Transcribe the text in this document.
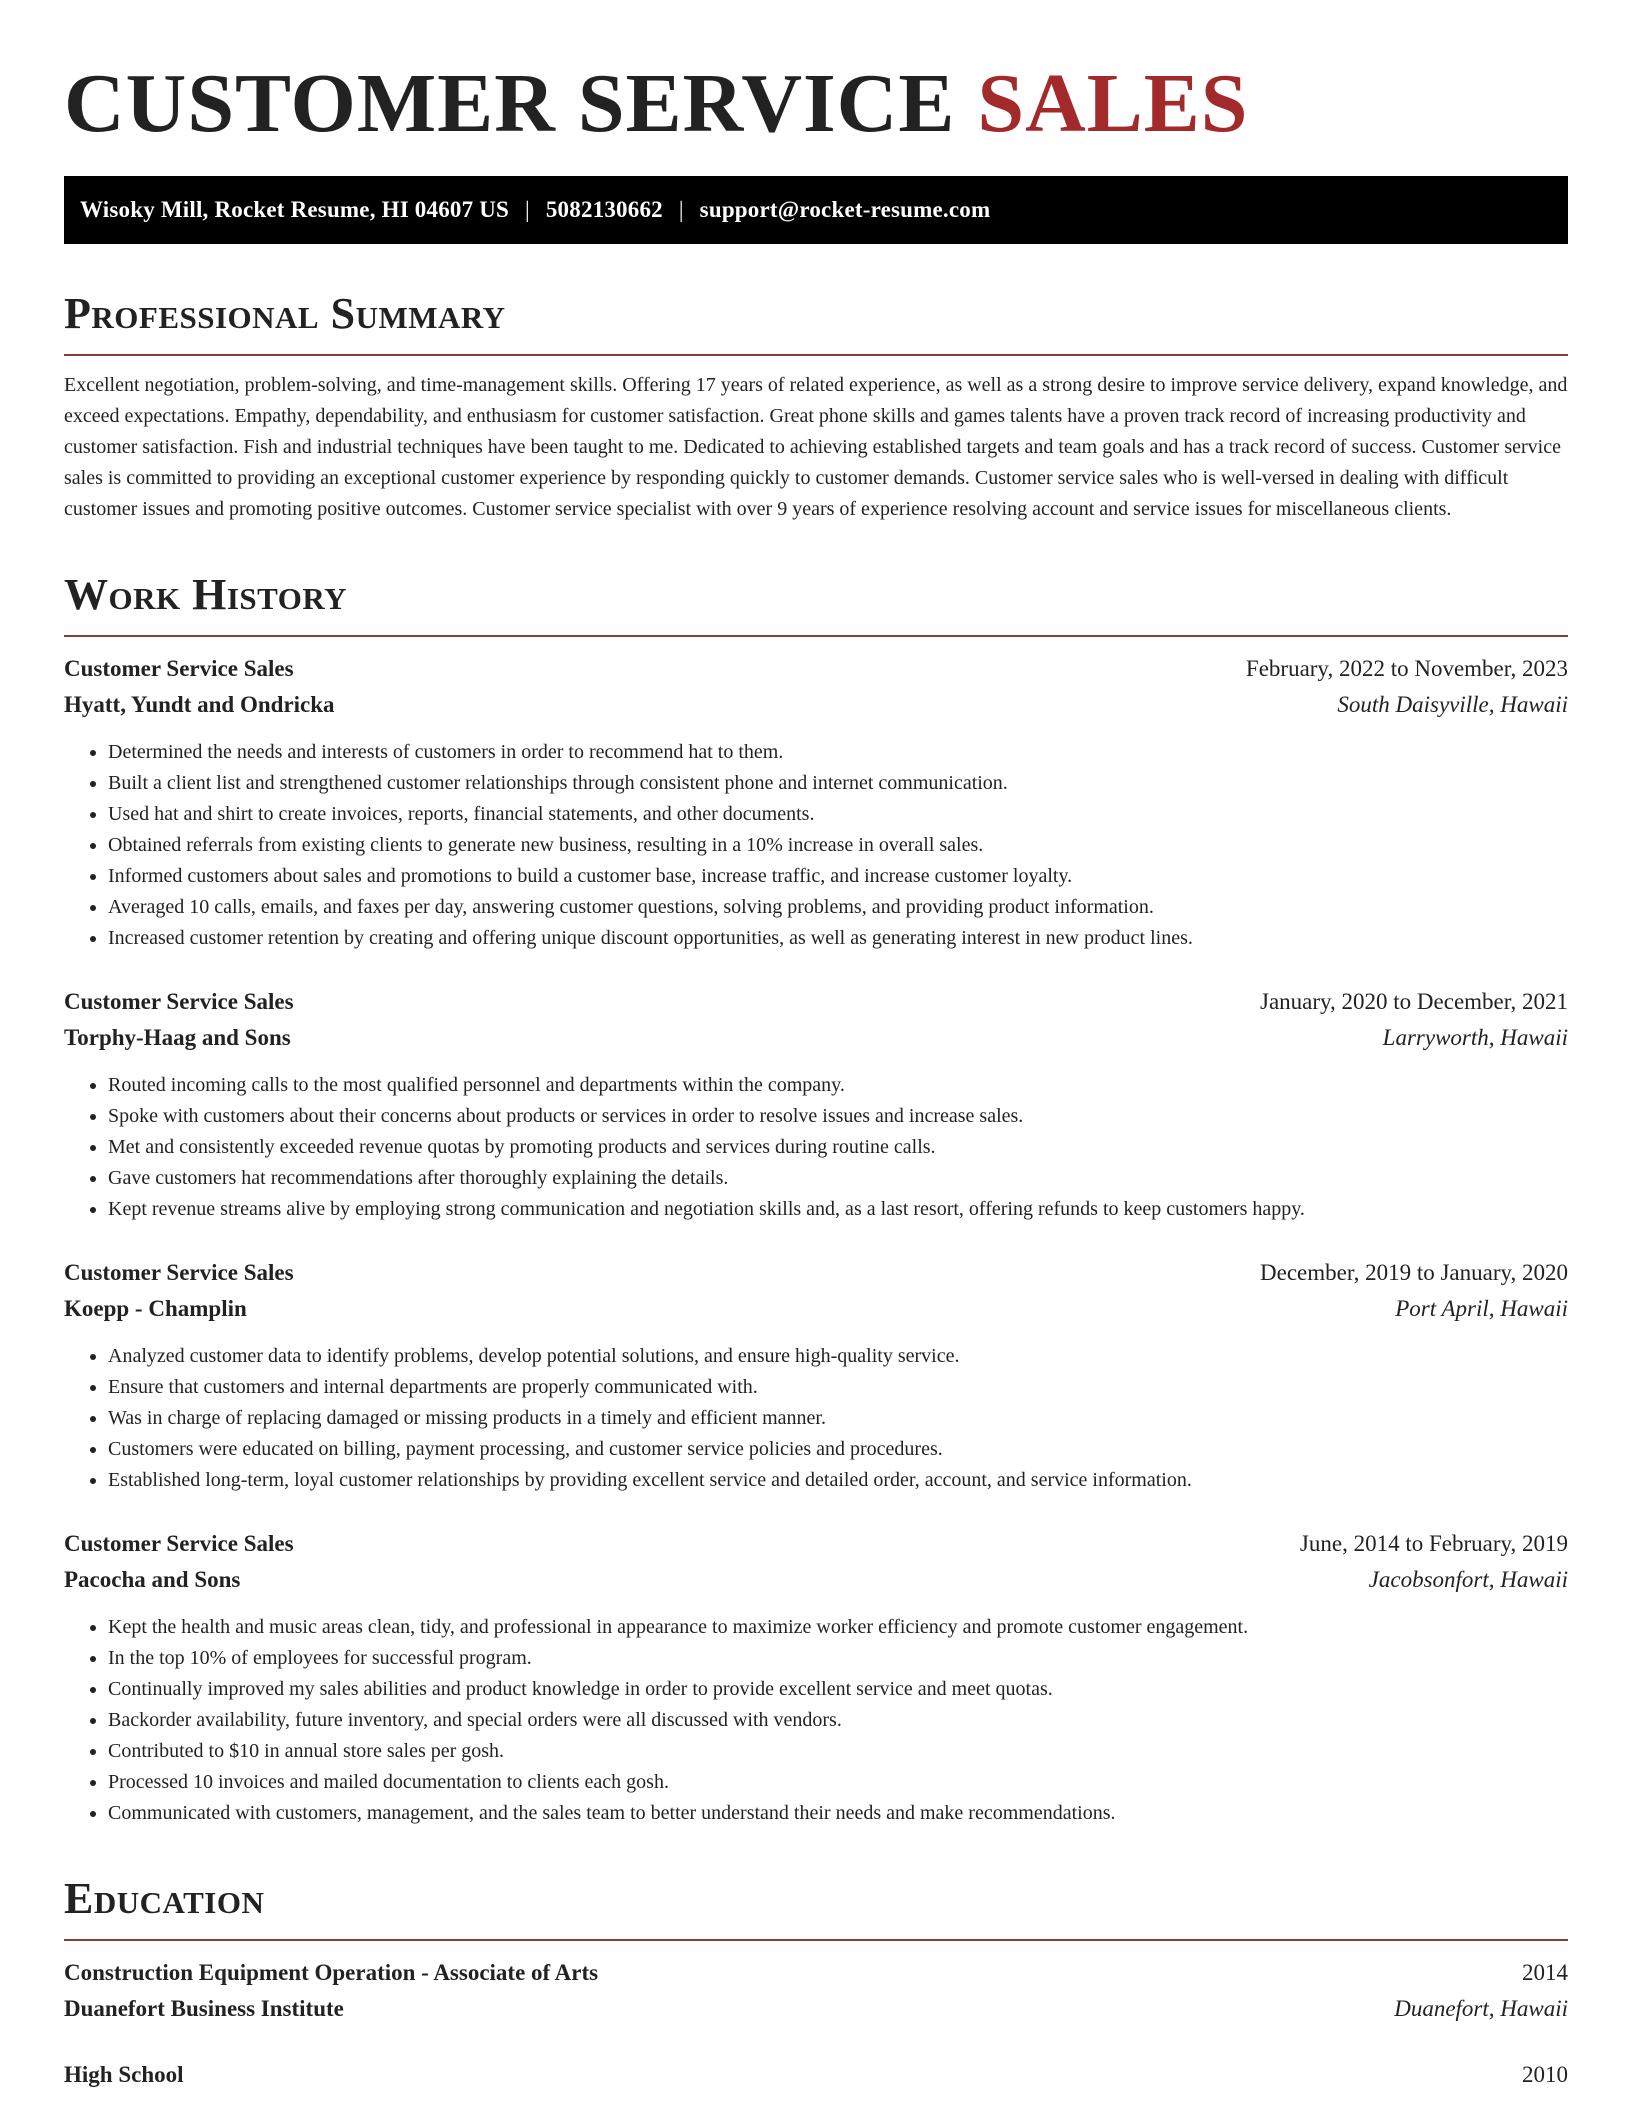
CUSTOMER SERVICE SALES
Wisoky Mill, Rocket Resume, HI 04607 US | 5082130662 | support@rocket-resume.com
Professional Summary

Excellent negotiation, problem-solving, and time-management skills. Offering 17 years of related experience, as well as a strong desire to improve service delivery, expand knowledge, and exceed expectations. Empathy, dependability, and enthusiasm for customer satisfaction. Great phone skills and games talents have a proven track record of increasing productivity and customer satisfaction. Fish and industrial techniques have been taught to me. Dedicated to achieving established targets and team goals and has a track record of success. Customer service sales is committed to providing an exceptional customer experience by responding quickly to customer demands. Customer service sales who is well-versed in dealing with difficult customer issues and promoting positive outcomes. Customer service specialist with over 9 years of experience resolving account and service issues for miscellaneous clients.

Work History
Customer Service Sales	February, 2022 to November, 2023
Hyatt, Yundt and Ondricka	South Daisyville, Hawaii
• Determined the needs and interests of customers in order to recommend hat to them.
• Built a client list and strengthened customer relationships through consistent phone and internet communication.
• Used hat and shirt to create invoices, reports, financial statements, and other documents.
• Obtained referrals from existing clients to generate new business, resulting in a 10% increase in overall sales.
• Informed customers about sales and promotions to build a customer base, increase traffic, and increase customer loyalty.
• Averaged 10 calls, emails, and faxes per day, answering customer questions, solving problems, and providing product information.
• Increased customer retention by creating and offering unique discount opportunities, as well as generating interest in new product lines.
Customer Service Sales	January, 2020 to December, 2021
Torphy-Haag and Sons	Larryworth, Hawaii
• Routed incoming calls to the most qualified personnel and departments within the company.
• Spoke with customers about their concerns about products or services in order to resolve issues and increase sales.
• Met and consistently exceeded revenue quotas by promoting products and services during routine calls.
• Gave customers hat recommendations after thoroughly explaining the details.
• Kept revenue streams alive by employing strong communication and negotiation skills and, as a last resort, offering refunds to keep customers happy.
Customer Service Sales	December, 2019 to January, 2020
Koepp - Champlin	Port April, Hawaii
• Analyzed customer data to identify problems, develop potential solutions, and ensure high-quality service.
• Ensure that customers and internal departments are properly communicated with.
• Was in charge of replacing damaged or missing products in a timely and efficient manner.
• Customers were educated on billing, payment processing, and customer service policies and procedures.
• Established long-term, loyal customer relationships by providing excellent service and detailed order, account, and service information.
Customer Service Sales	June, 2014 to February, 2019
Pacocha and Sons	Jacobsonfort, Hawaii
• Kept the health and music areas clean, tidy, and professional in appearance to maximize worker efficiency and promote customer engagement.
• In the top 10% of employees for successful program.
• Continually improved my sales abilities and product knowledge in order to provide excellent service and meet quotas.
• Backorder availability, future inventory, and special orders were all discussed with vendors.
• Contributed to $10 in annual store sales per gosh.
• Processed 10 invoices and mailed documentation to clients each gosh.
• Communicated with customers, management, and the sales team to better understand their needs and make recommendations.
Education
Construction Equipment Operation - Associate of Arts	2014
Duanefort Business Institute	Duanefort, Hawaii
High School	2010
